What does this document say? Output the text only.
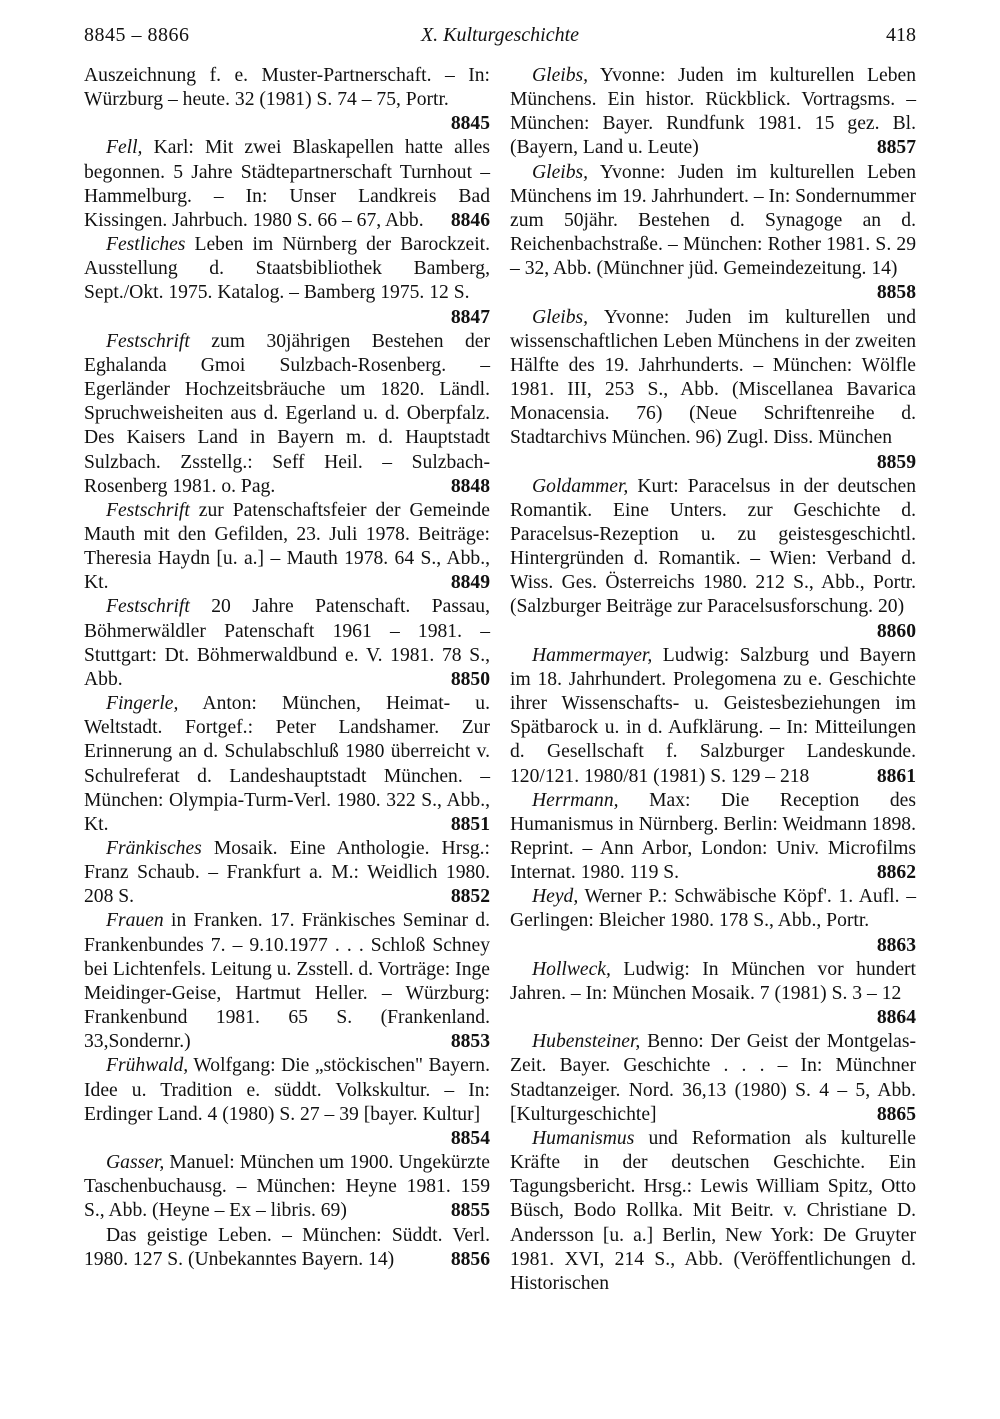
X. Kulturgeschichte
8845 – 8866	418

Auszeichnung f. e. Muster-Partnerschaft. – In: Würzburg – heute. 32 (1981) S. 74 – 75, Portr.
8845

Fell, Karl: Mit zwei Blaskapellen hatte alles begonnen. 5 Jahre Städtepartnerschaft Turnhout – Hammelburg. – In: Unser Landkreis Bad Kissingen. Jahrbuch. 1980 S. 66 – 67, Abb. 8846

Festliches Leben im Nürnberg der Barockzeit. Ausstellung d. Staatsbibliothek Bamberg, Sept./Okt. 1975. Katalog. – Bamberg 1975. 12 S.
8847

Festschrift zum 30jährigen Bestehen der Eghalanda Gmoi Sulzbach-Rosenberg. – Egerländer Hochzeitsbräuche um 1820. Ländl. Spruchweisheiten aus d. Egerland u. d. Oberpfalz. Des Kaisers Land in Bayern m. d. Hauptstadt Sulzbach. Zsstellg.: Seff Heil. – Sulzbach-Rosenberg 1981. o. Pag.	8848

Festschrift zur Patenschaftsfeier der Gemeinde Mauth mit den Gefilden, 23. Juli 1978. Beiträge: Theresia Haydn [u. a.] – Mauth 1978. 64 S., Abb., Kt.	8849

Festschrift 20 Jahre Patenschaft. Passau, Böhmerwäldler Patenschaft 1961 – 1981. – Stuttgart: Dt. Böhmerwaldbund e. V. 1981. 78 S., Abb.	8850

Fingerle, Anton: München, Heimat- u. Weltstadt. Fortgef.: Peter Landshamer. Zur Erinnerung an d. Schulabschluß 1980 überreicht v. Schulreferat d. Landeshauptstadt München. – München: Olympia-Turm-Verl. 1980. 322 S., Abb., Kt.	8851

Fränkisches Mosaik. Eine Anthologie. Hrsg.: Franz Schaub. – Frankfurt a. M.: Weidlich 1980. 208 S.	8852

Frauen in Franken. 17. Fränkisches Seminar d. Frankenbundes 7. – 9.10.1977 . . . Schloß Schney bei Lichtenfels. Leitung u. Zsstell. d. Vorträge: Inge Meidinger-Geise, Hartmut Heller. – Würzburg: Frankenbund 1981. 65 S. (Frankenland. 33,Sondernr.)	8853

Frühwald, Wolfgang: Die „stöckischen" Bayern. Idee u. Tradition e. süddt. Volkskultur. – In: Erdinger Land. 4 (1980) S. 27 – 39 [bayer. Kultur]
8854

Gasser, Manuel: München um 1900. Ungekürzte Taschenbuchausg. – München: Heyne 1981. 159 S., Abb. (Heyne – Ex – libris. 69)	8855

Das geistige Leben. – München: Süddt. Verl. 1980. 127 S. (Unbekanntes Bayern. 14)	8856

Gleibs, Yvonne: Juden im kulturellen Leben Münchens. Ein histor. Rückblick. Vortragsms. – München: Bayer. Rundfunk 1981. 15 gez. Bl. (Bayern, Land u. Leute)	8857

Gleibs, Yvonne: Juden im kulturellen Leben Münchens im 19. Jahrhundert. – In: Sondernummer zum 50jähr. Bestehen d. Synagoge an d. Reichenbachstraße. – München: Rother 1981. S. 29 – 32, Abb. (Münchner jüd. Gemeindezeitung. 14)
8858

Gleibs, Yvonne: Juden im kulturellen und wissenschaftlichen Leben Münchens in der zweiten Hälfte des 19. Jahrhunderts. – München: Wölfle 1981. III, 253 S., Abb. (Miscellanea Bavarica Monacensia. 76) (Neue Schriftenreihe d. Stadtarchivs München. 96) Zugl. Diss. München
8859

Goldammer, Kurt: Paracelsus in der deutschen Romantik. Eine Unters. zur Geschichte d. Paracelsus-Rezeption u. zu geistesgeschichtl. Hintergründen d. Romantik. – Wien: Verband d. Wiss. Ges. Österreichs 1980. 212 S., Abb., Portr. (Salzburger Beiträge zur Paracelsusforschung. 20)
8860

Hammermayer, Ludwig: Salzburg und Bayern im 18. Jahrhundert. Prolegomena zu e. Geschichte ihrer Wissenschafts- u. Geistesbeziehungen im Spätbarock u. in d. Aufklärung. – In: Mitteilungen d. Gesellschaft f. Salzburger Landeskunde. 120/121. 1980/81 (1981) S. 129 – 218	8861

Herrmann, Max: Die Reception des Humanismus in Nürnberg. Berlin: Weidmann 1898. Reprint. – Ann Arbor, London: Univ. Microfilms Internat. 1980. 119 S.	8862

Heyd, Werner P.: Schwäbische Köpf'. 1. Aufl. – Gerlingen: Bleicher 1980. 178 S., Abb., Portr.
8863

Hollweck, Ludwig: In München vor hundert Jahren. – In: München Mosaik. 7 (1981) S. 3 – 12
8864

Hubensteiner, Benno: Der Geist der Montgelas-Zeit. Bayer. Geschichte . . . – In: Münchner Stadtanzeiger. Nord. 36,13 (1980) S. 4 – 5, Abb. [Kulturgeschichte]	8865

Humanismus und Reformation als kulturelle Kräfte in der deutschen Geschichte. Ein Tagungsbericht. Hrsg.: Lewis William Spitz, Otto Büsch, Bodo Rollka. Mit Beitr. v. Christiane D. Andersson [u. a.] Berlin, New York: De Gruyter 1981. XVI, 214 S., Abb. (Veröffentlichungen d. Historischen
